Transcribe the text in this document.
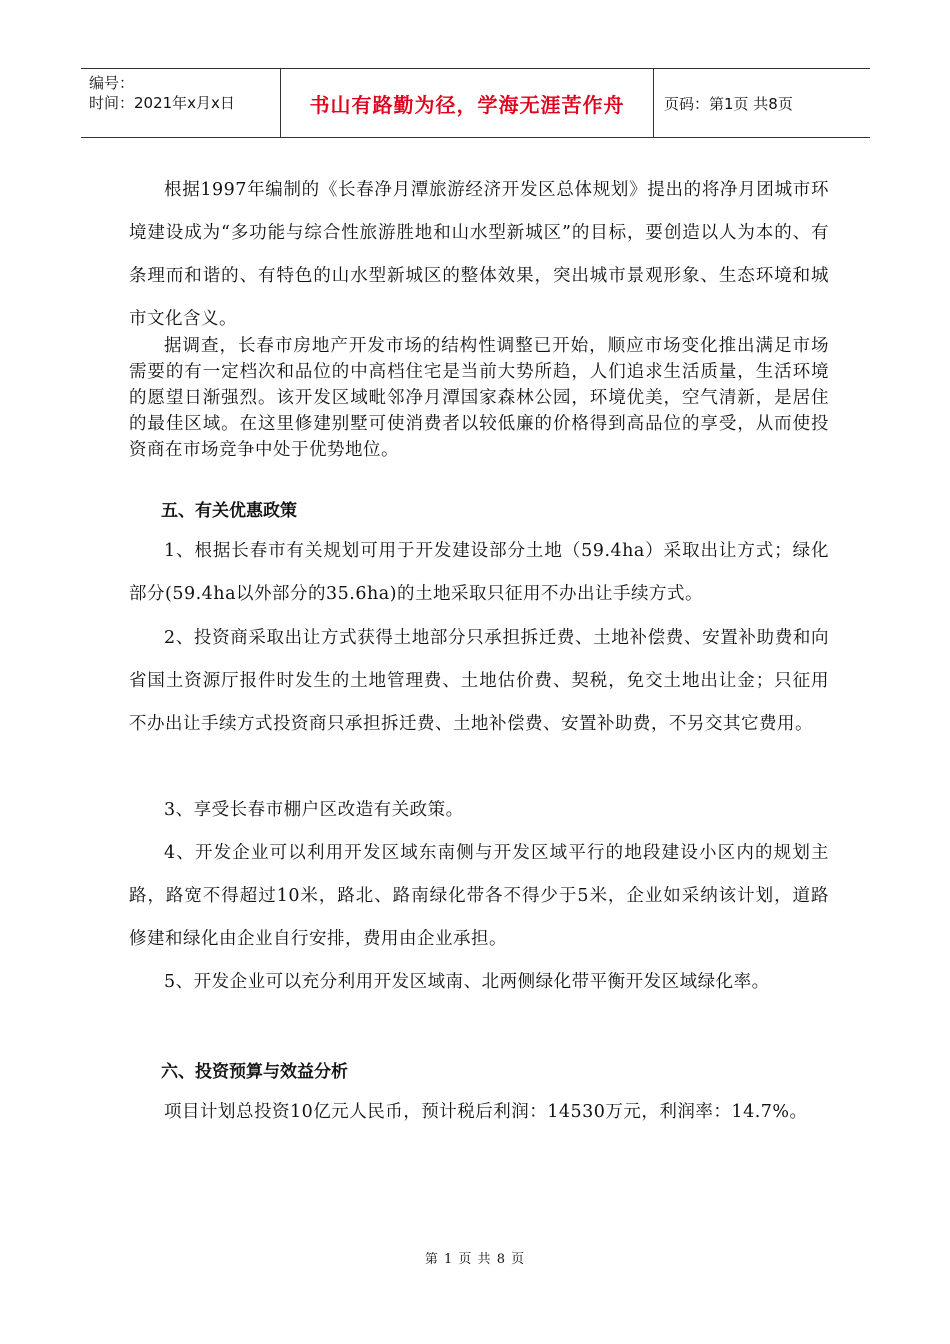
编号：
时间：2021年x月x日	书山有路勤为径，学海无涯苦作舟	页码：第1页 共8页

根据1997年编制的《长春净月潭旅游经济开发区总体规划》提出的将净月团城市环境建设成为“多功能与综合性旅游胜地和山水型新城区”的目标，要创造以人为本的、有条理而和谐的、有特色的山水型新城区的整体效果，突出城市景观形象、生态环境和城市文化含义。

据调查，长春市房地产开发市场的结构性调整已开始，顺应市场变化推出满足市场需要的有一定档次和品位的中高档住宅是当前大势所趋，人们追求生活质量，生活环境的愿望日渐强烈。该开发区域毗邻净月潭国家森林公园，环境优美，空气清新，是居住的最佳区域。在这里修建别墅可使消费者以较低廉的价格得到高品位的享受，从而使投资商在市场竞争中处于优势地位。

五、有关优惠政策

1、根据长春市有关规划可用于开发建设部分土地（59.4ha）采取出让方式；绿化部分(59.4ha以外部分的35.6ha)的土地采取只征用不办出让手续方式。

2、投资商采取出让方式获得土地部分只承担拆迁费、土地补偿费、安置补助费和向省国土资源厅报件时发生的土地管理费、土地估价费、契税，免交土地出让金；只征用不办出让手续方式投资商只承担拆迁费、土地补偿费、安置补助费，不另交其它费用。

3、享受长春市棚户区改造有关政策。

4、开发企业可以利用开发区域东南侧与开发区域平行的地段建设小区内的规划主路，路宽不得超过10米，路北、路南绿化带各不得少于5米，企业如采纳该计划，道路修建和绿化由企业自行安排，费用由企业承担。

5、开发企业可以充分利用开发区域南、北两侧绿化带平衡开发区域绿化率。

六、投资预算与效益分析

项目计划总投资10亿元人民币，预计税后利润：14530万元，利润率：14.7%。

第 1 页 共 8 页
